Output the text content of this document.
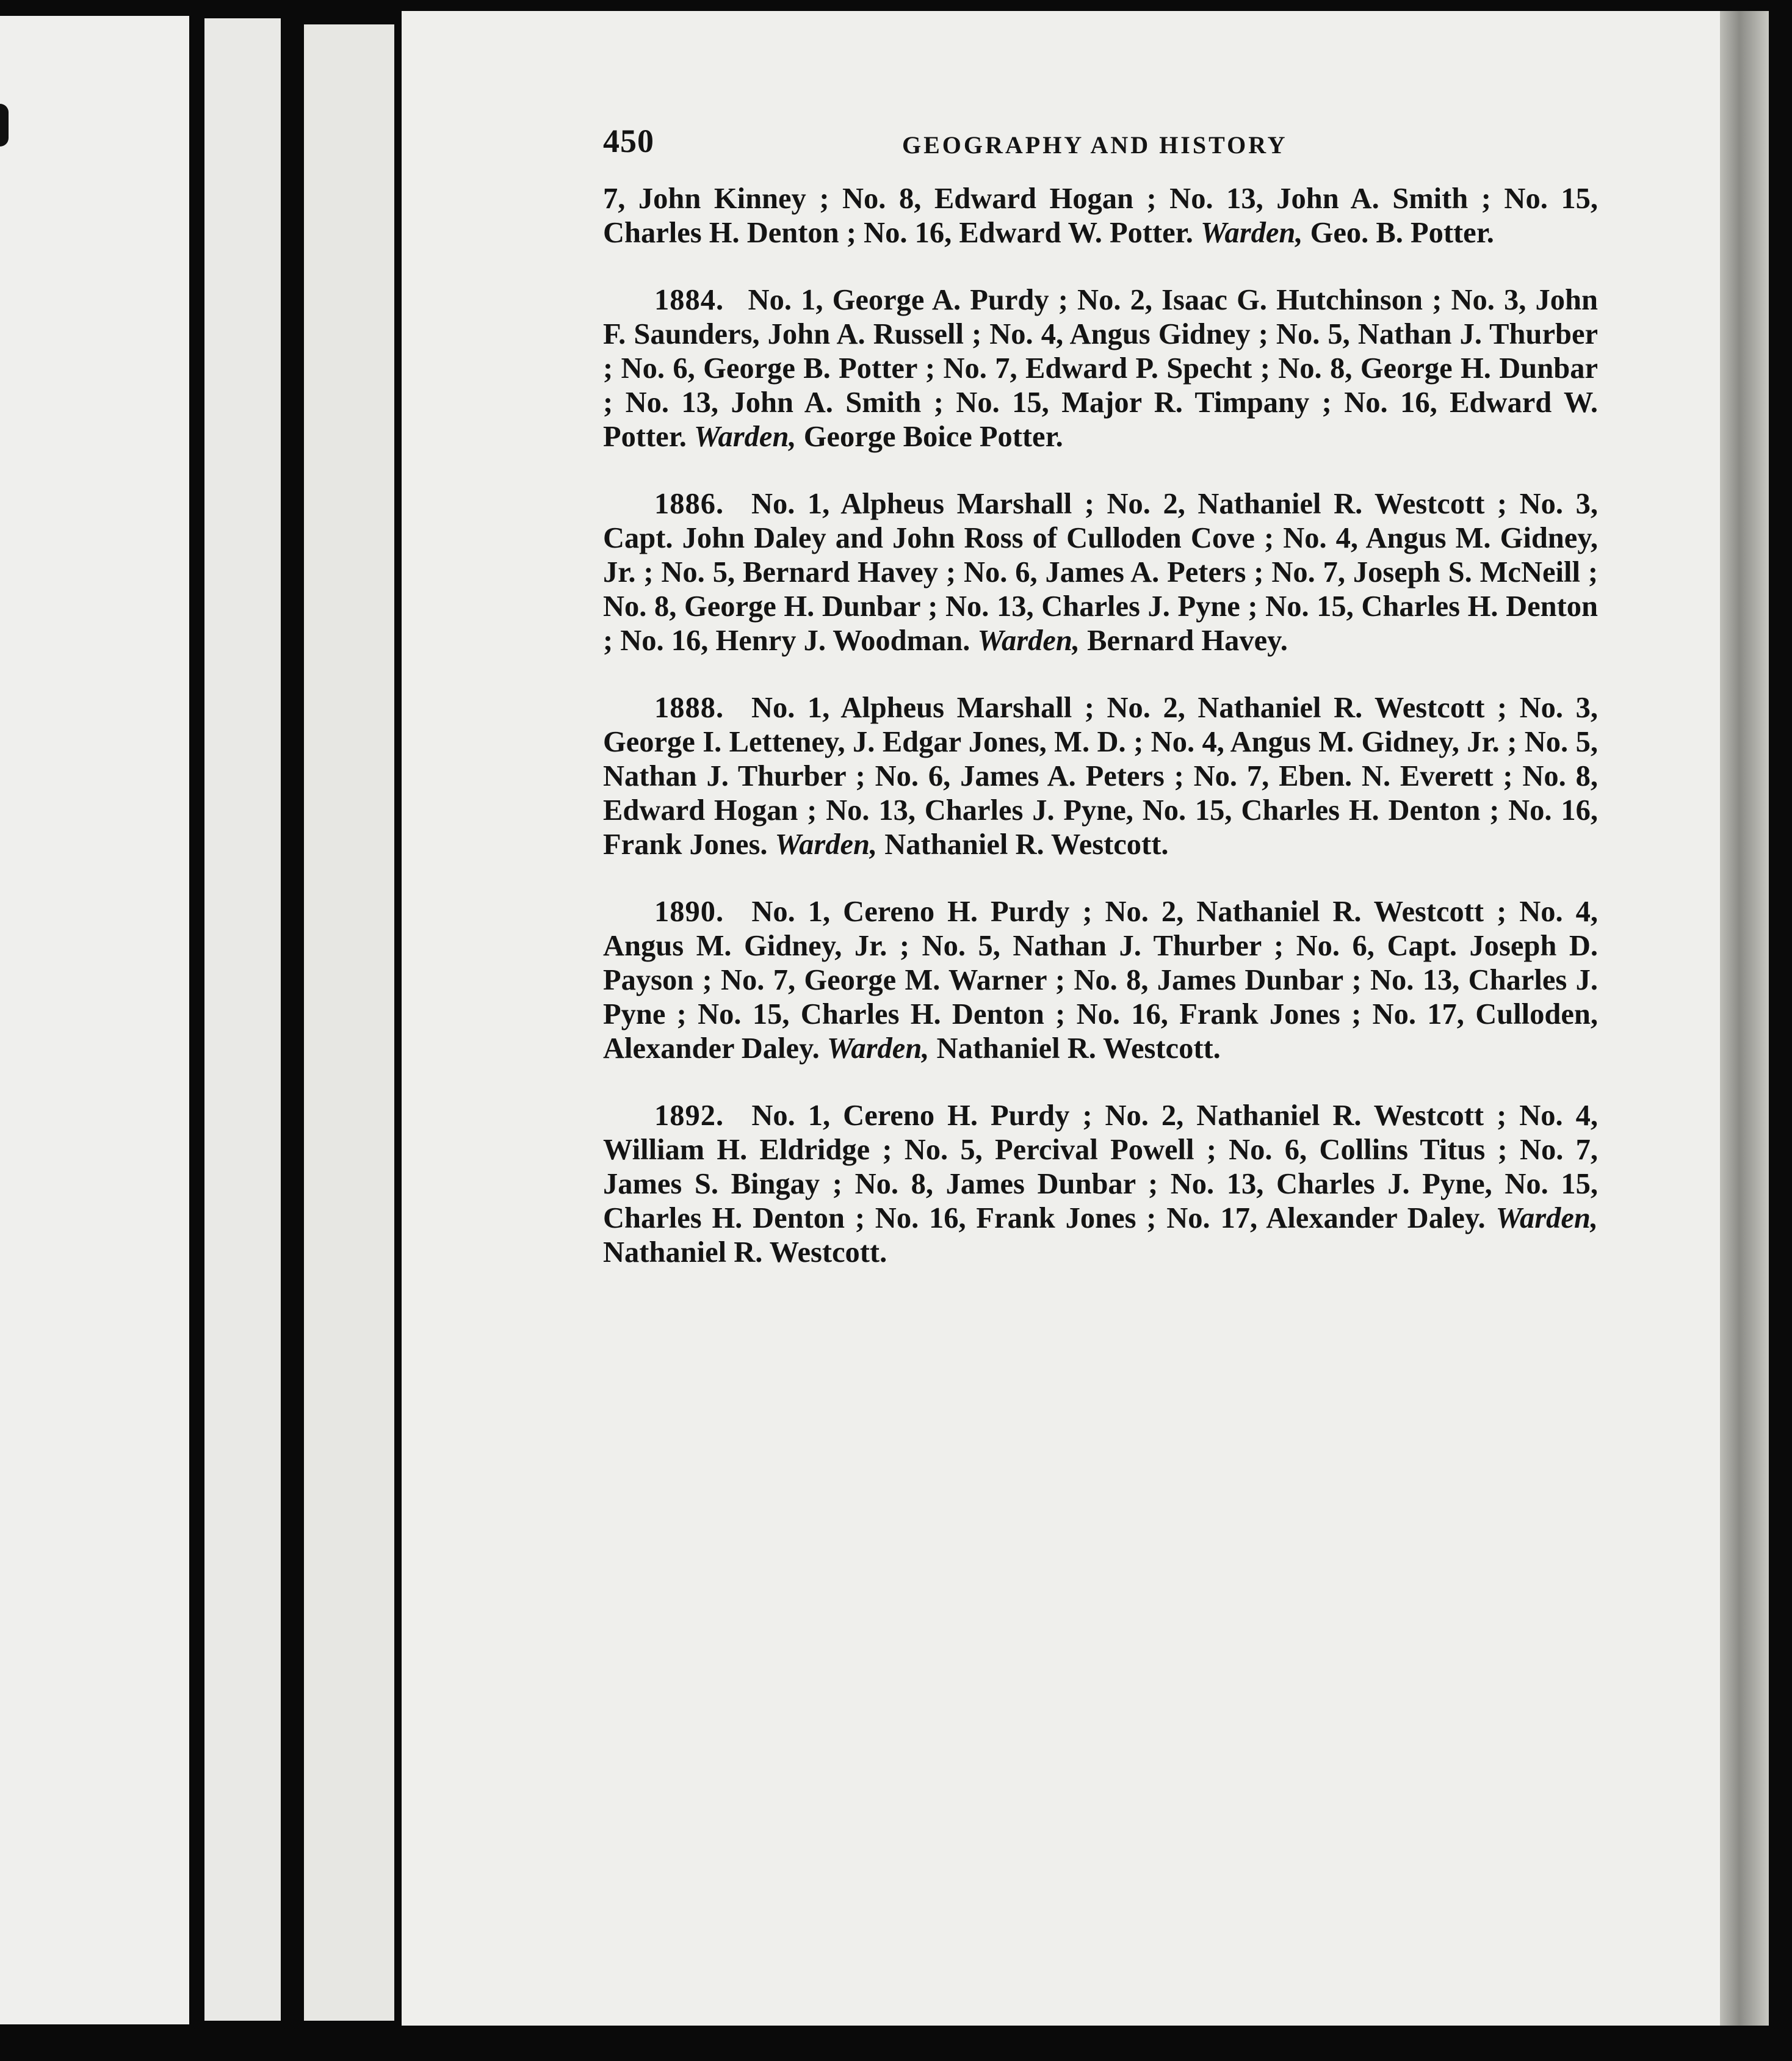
450	GEOGRAPHY AND HISTORY

7, John Kinney ; No. 8, Edward Hogan ; No. 13, John A. Smith ; No. 15, Charles H. Denton ; No. 16, Edward W. Potter. Warden, Geo. B. Potter.

1884.  No. 1, George A. Purdy ; No. 2, Isaac G. Hutchinson ; No. 3, John F. Saunders, John A. Russell ; No. 4, Angus Gidney ; No. 5, Nathan J. Thurber ; No. 6, George B. Potter ; No. 7, Edward P. Specht ; No. 8, George H. Dunbar ; No. 13, John A. Smith ; No. 15, Major R. Timpany ; No. 16, Edward W. Potter. Warden, George Boice Potter.

1886.  No. 1, Alpheus Marshall ; No. 2, Nathaniel R. Westcott ; No. 3, Capt. John Daley and John Ross of Culloden Cove ; No. 4, Angus M. Gidney, Jr. ; No. 5, Bernard Havey ; No. 6, James A. Peters ; No. 7, Joseph S. McNeill ; No. 8, George H. Dunbar ; No. 13, Charles J. Pyne ; No. 15, Charles H. Denton ; No. 16, Henry J. Woodman. Warden, Bernard Havey.

1888.  No. 1, Alpheus Marshall ; No. 2, Nathaniel R. Westcott ; No. 3, George I. Letteney, J. Edgar Jones, M. D. ; No. 4, Angus M. Gidney, Jr. ; No. 5, Nathan J. Thurber ; No. 6, James A. Peters ; No. 7, Eben. N. Everett ; No. 8, Edward Hogan ; No. 13, Charles J. Pyne, No. 15, Charles H. Denton ; No. 16, Frank Jones. Warden, Nathaniel R. Westcott.

1890.  No. 1, Cereno H. Purdy ; No. 2, Nathaniel R. Westcott ; No. 4, Angus M. Gidney, Jr. ; No. 5, Nathan J. Thurber ; No. 6, Capt. Joseph D. Payson ; No. 7, George M. Warner ; No. 8, James Dunbar ; No. 13, Charles J. Pyne ; No. 15, Charles H. Denton ; No. 16, Frank Jones ; No. 17, Culloden, Alexander Daley. Warden, Nathaniel R. Westcott.

1892.  No. 1, Cereno H. Purdy ; No. 2, Nathaniel R. Westcott ; No. 4, William H. Eldridge ; No. 5, Percival Powell ; No. 6, Collins Titus ; No. 7, James S. Bingay ; No. 8, James Dunbar ; No. 13, Charles J. Pyne, No. 15, Charles H. Denton ; No. 16, Frank Jones ; No. 17, Alexander Daley. Warden, Nathaniel R. Westcott.
